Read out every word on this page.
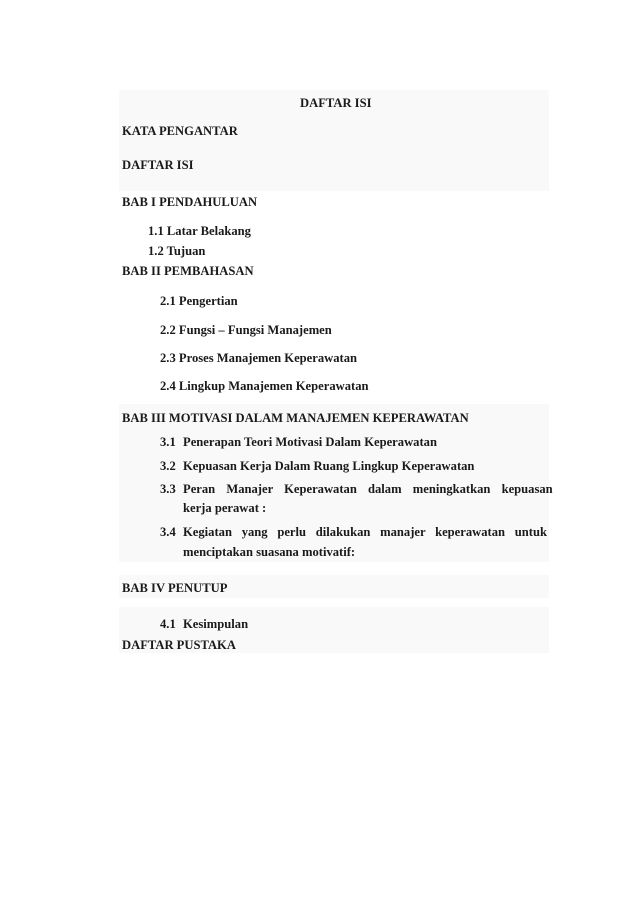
DAFTAR ISI
KATA PENGANTAR
DAFTAR ISI
BAB I PENDAHULUAN
1.1 Latar Belakang
1.2 Tujuan
BAB II PEMBAHASAN
2.1 Pengertian
2.2 Fungsi – Fungsi Manajemen
2.3 Proses Manajemen Keperawatan
2.4 Lingkup Manajemen Keperawatan
BAB III MOTIVASI DALAM MANAJEMEN KEPERAWATAN
3.1 Penerapan Teori Motivasi Dalam Keperawatan
3.2 Kepuasan Kerja Dalam Ruang Lingkup Keperawatan
3.3 Peran Manajer Keperawatan dalam meningkatkan kepuasan
kerja perawat :
3.4 Kegiatan yang perlu dilakukan manajer keperawatan untuk
menciptakan suasana motivatif:
BAB IV PENUTUP
4.1 Kesimpulan
DAFTAR PUSTAKA
